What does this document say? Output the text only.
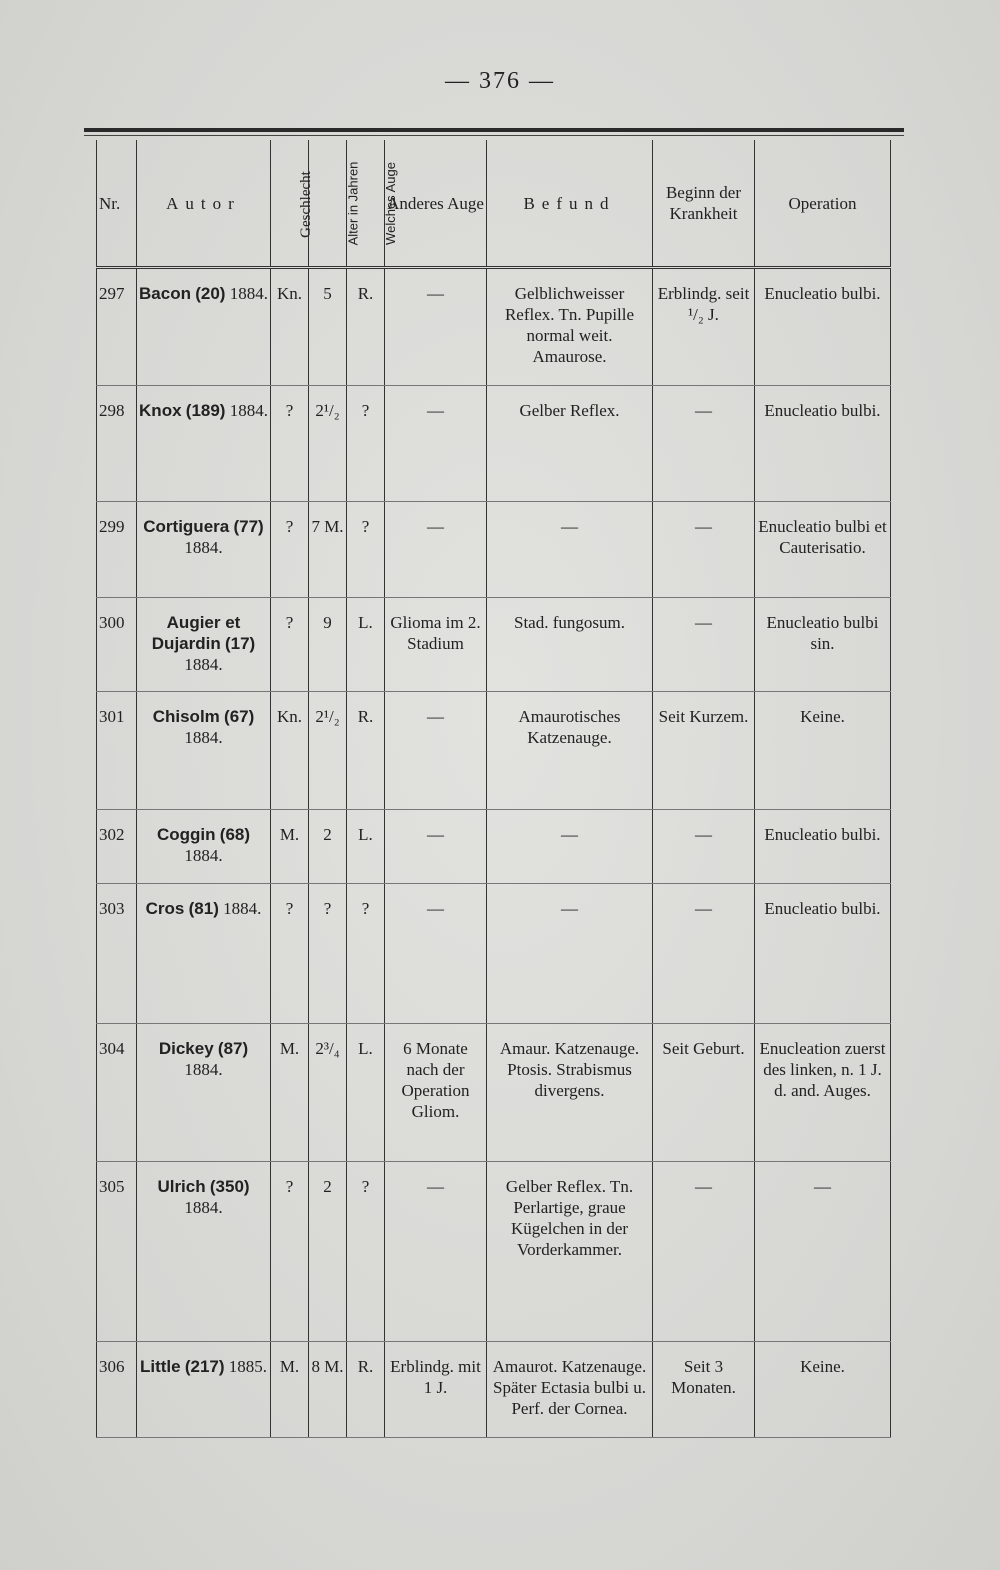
— 376 —
Nr.	Autor	Geschlecht	Alter in Jahren	Welches Auge	Anderes Auge	Befund	Beginn der Krankheit	Operation
297	Bacon (20) 1884.	Kn.	5	R.	—	Gelblichweisser Reflex. Tn. Pupille normal weit. Amaurose.	Erblindg. seit ¹/₂ J.	Enucleatio bulbi.
298	Knox (189) 1884.	?	2¹/₂	?	—	Gelber Reflex.	—	Enucleatio bulbi.
299	Cortiguera (77) 1884.	?	7 M.	?	—	—	—	Enucleatio bulbi et Cauterisatio.
300	Augier et Dujardin (17) 1884.	?	9	L.	Glioma im 2. Stadium	Stad. fungosum.	—	Enucleatio bulbi sin.
301	Chisolm (67) 1884.	Kn.	2¹/₂	R.	—	Amaurotisches Katzenauge.	Seit Kurzem.	Keine.
302	Coggin (68) 1884.	M.	2	L.	—	—	—	Enucleatio bulbi.
303	Cros (81) 1884.	?	?	?	—	—	—	Enucleatio bulbi.
304	Dickey (87) 1884.	M.	2³/₄	L.	6 Monate nach der Operation Gliom.	Amaur. Katzenauge. Ptosis. Strabismus divergens.	Seit Geburt.	Enucleation zuerst des linken, n. 1 J. d. and. Auges.
305	Ulrich (350) 1884.	?	2	?	—	Gelber Reflex. Tn. Perlartige, graue Kügelchen in der Vorderkammer.	—	—
306	Little (217) 1885.	M.	8 M.	R.	Erblindg. mit 1 J.	Amaurot. Katzenauge. Später Ectasia bulbi u. Perf. der Cornea.	Seit 3 Monaten.	Keine.
